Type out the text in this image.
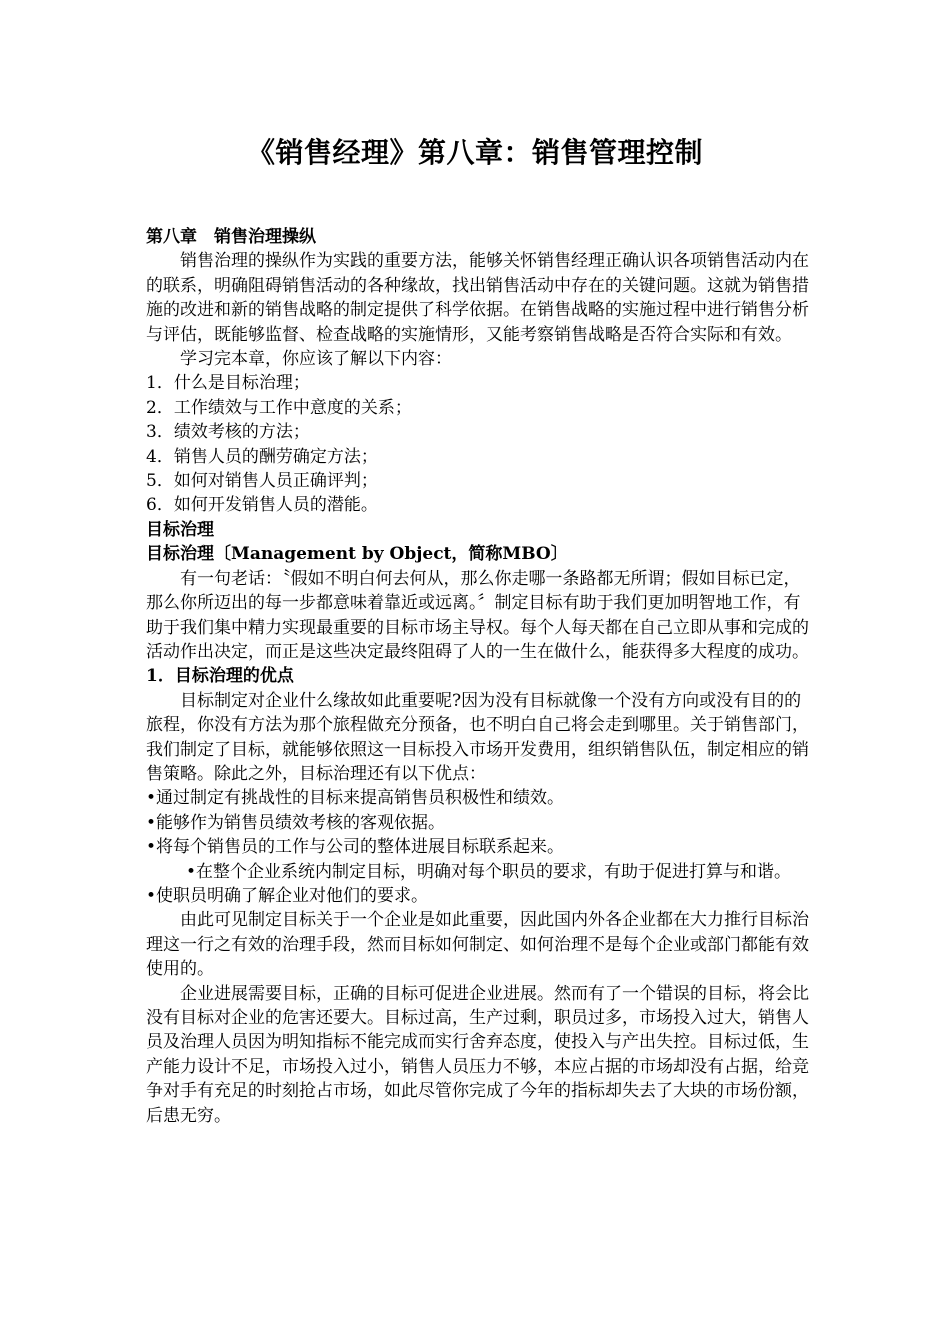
《销售经理》第八章：销售管理控制

第八章　销售治理操纵

销售治理的操纵作为实践的重要方法，能够关怀销售经理正确认识各项销售活动内在的联系，明确阻碍销售活动的各种缘故，找出销售活动中存在的关键问题。这就为销售措施的改进和新的销售战略的制定提供了科学依据。在销售战略的实施过程中进行销售分析与评估，既能够监督、检查战略的实施情形，又能考察销售战略是否符合实际和有效。

学习完本章，你应该了解以下内容：

1．什么是目标治理；

2．工作绩效与工作中意度的关系；

3．绩效考核的方法；

4．销售人员的酬劳确定方法；

5．如何对销售人员正确评判；

6．如何开发销售人员的潜能。

目标治理

目标治理〔Management by Object，简称MBO〕

有一句老话：〝假如不明白何去何从，那么你走哪一条路都无所谓；假如目标已定，那么你所迈出的每一步都意味着靠近或远离。〞制定目标有助于我们更加明智地工作，有助于我们集中精力实现最重要的目标市场主导权。每个人每天都在自己立即从事和完成的活动作出决定，而正是这些决定最终阻碍了人的一生在做什么，能获得多大程度的成功。

1．目标治理的优点

目标制定对企业什么缘故如此重要呢?因为没有目标就像一个没有方向或没有目的的旅程，你没有方法为那个旅程做充分预备，也不明白自己将会走到哪里。关于销售部门，我们制定了目标，就能够依照这一目标投入市场开发费用，组织销售队伍，制定相应的销售策略。除此之外，目标治理还有以下优点：

•通过制定有挑战性的目标来提高销售员积极性和绩效。

•能够作为销售员绩效考核的客观依据。

•将每个销售员的工作与公司的整体进展目标联系起来。

•在整个企业系统内制定目标，明确对每个职员的要求，有助于促进打算与和谐。

•使职员明确了解企业对他们的要求。

由此可见制定目标关于一个企业是如此重要，因此国内外各企业都在大力推行目标治理这一行之有效的治理手段，然而目标如何制定、如何治理不是每个企业或部门都能有效使用的。

企业进展需要目标，正确的目标可促进企业进展。然而有了一个错误的目标，将会比没有目标对企业的危害还要大。目标过高，生产过剩，职员过多，市场投入过大，销售人员及治理人员因为明知指标不能完成而实行舍弃态度，使投入与产出失控。目标过低，生产能力设计不足，市场投入过小，销售人员压力不够，本应占据的市场却没有占据，给竞争对手有充足的时刻抢占市场，如此尽管你完成了今年的指标却失去了大块的市场份额，后患无穷。
